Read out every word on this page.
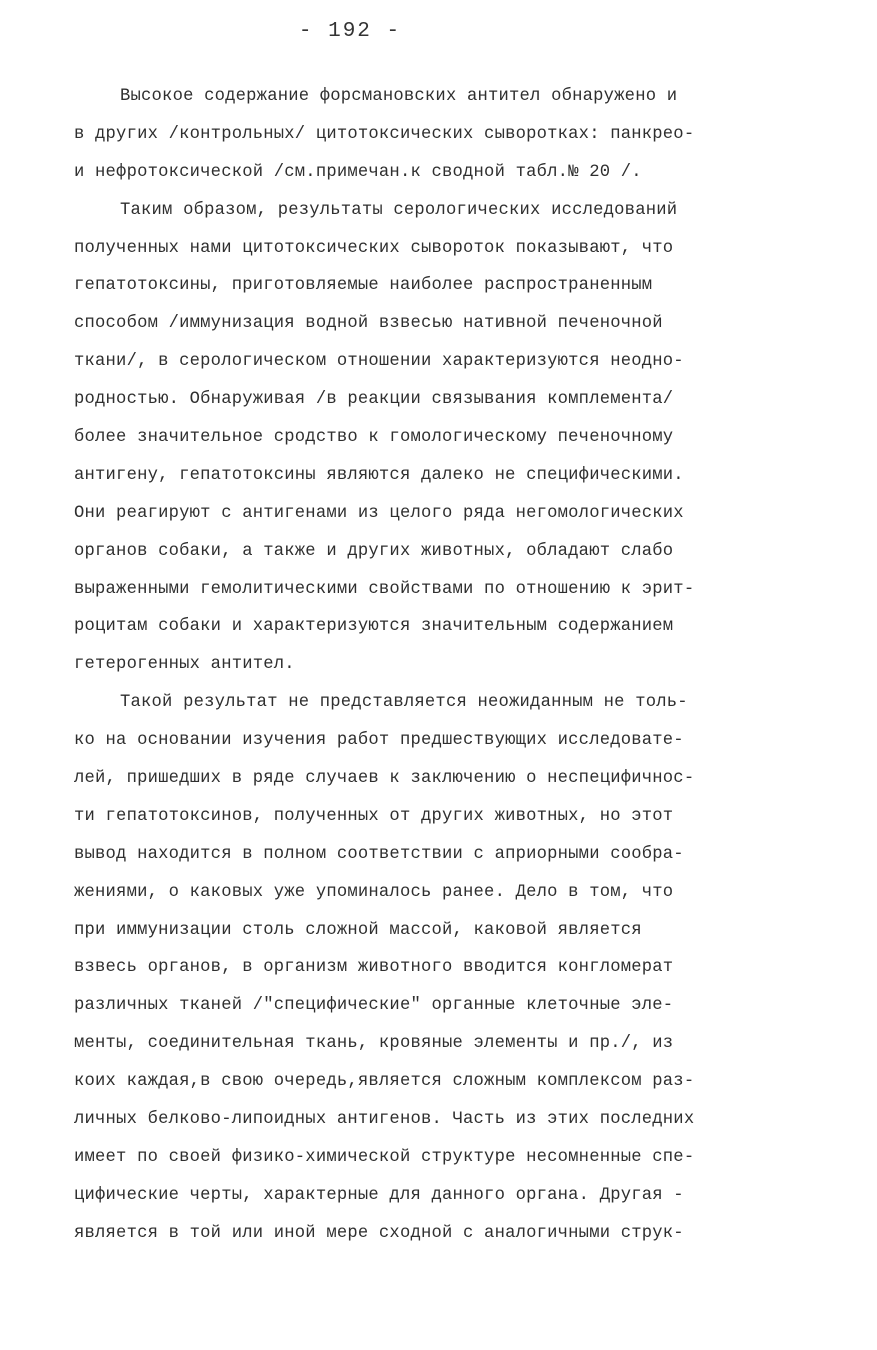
- 192 -
Высокое содержание форсмановских антител обнаружено и
в других /контрольных/ цитотоксических сыворотках: панкрео-
и нефротоксической /см.примечан.к сводной табл.№ 20 /.
Таким образом, результаты серологических исследований
полученных нами цитотоксических сывороток показывают, что
гепатотоксины, приготовляемые наиболее распространенным
способом /иммунизация водной взвесью нативной печеночной
ткани/, в серологическом отношении характеризуются неодно-
родностью. Обнаруживая /в реакции связывания комплемента/
более значительное сродство к гомологическому печеночному
антигену, гепатотоксины являются далеко не специфическими.
Они реагируют с антигенами из целого ряда негомологических
органов собаки, а также и других животных, обладают слабо
выраженными гемолитическими свойствами по отношению к эрит-
роцитам собаки и характеризуются значительным содержанием
гетерогенных антител.
Такой результат не представляется неожиданным не толь-
ко на основании изучения работ предшествующих исследовате-
лей, пришедших в ряде случаев к заключению о неспецифичнос-
ти гепатотоксинов, полученных от других животных, но этот
вывод находится в полном соответствии с априорными сообра-
жениями, о каковых уже упоминалось ранее. Дело в том, что
при иммунизации столь сложной массой, каковой является
взвесь органов, в организм животного вводится конгломерат
различных тканей /"специфические" органные клеточные эле-
менты, соединительная ткань, кровяные элементы и пр./, из
коих каждая,в свою очередь,является сложным комплексом раз-
личных белково-липоидных антигенов. Часть из этих последних
имеет по своей физико-химической структуре несомненные спе-
цифические черты, характерные для данного органа. Другая -
является в той или иной мере сходной с аналогичными струк-
